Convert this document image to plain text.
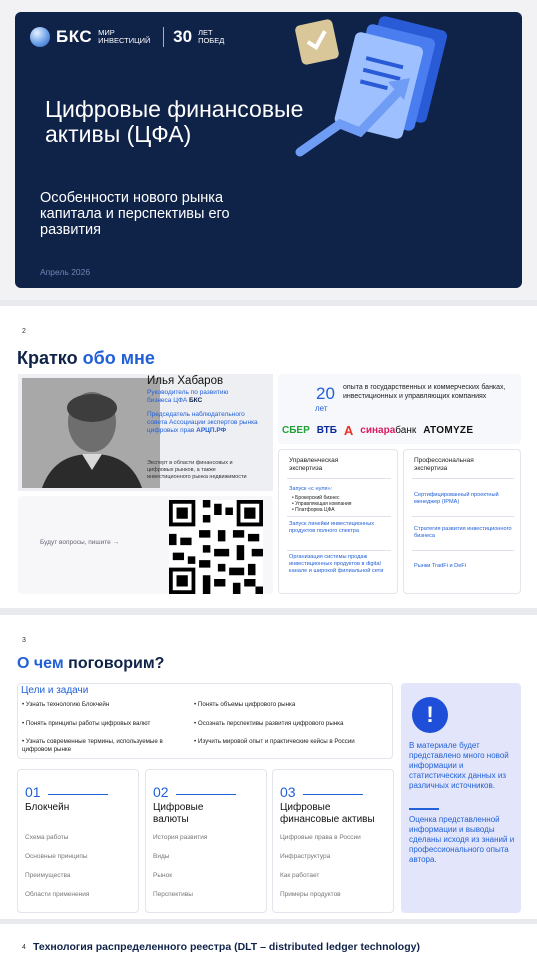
БКС МИР ИНВЕСТИЦИЙ 30 ЛЕТ ПОБЕД
Цифровые финансовые активы (ЦФА)
Особенности нового рынка капитала и перспективы его развития
Апрель 2026
2
Кратко обо мне
Илья Хабаров
Руководитель по развитию бизнеса ЦФА БКС
Председатель наблюдательного совета Ассоциации экспертов рынка цифровых прав АРЦП.РФ
Эксперт в области финансовых и цифровых рынков, а также инвестиционного рынка недвижимости
Будут вопросы, пишите →
20
лет
опыта в государственных и коммерческих банках, инвестиционных и управляющих компаниях
СБЕР ВТБ А синарабанк ATOMYZE
Управленческая экспертиза
Запуск «с нуля»:
• Брокерский бизнес
• Управляющая компания
• Платформа ЦФА
Запуск линейки инвестиционных продуктов полного спектра
Организация системы продаж инвестиционных продуктов в digital канале и широкой филиальной сети
Профессиональная экспертиза
Сертифицированный проектный менеджер (IPMA)
Стратегия развития инвестиционного бизнеса
Рынки TradFi и DeFi
3
О чем поговорим?
Цели и задачи
• Узнать технологию Блокчейн	• Понять объемы цифрового рынка
• Понять принципы работы цифровых валют	• Осознать перспективы развития цифрового рынка
• Узнать современные термины, используемые в цифровом рынке
• Изучить мировой опыт и практические кейсы в России
!
В материале будет представлено много новой информации и статистических данных из различных источников.
Оценка представленной информации и выводы сделаны исходя из знаний и профессионального опыта автора.
01
Блокчейн
Схема работы
Основные принципы
Преимущества
Области применения
02
Цифровые валюты
История развития
Виды
Рынок
Перспективы
03
Цифровые финансовые активы
Цифровые права в России
Инфраструктура
Как работает
Примеры продуктов
4 Технология распределенного реестра (DLT – distributed ledger technology)
